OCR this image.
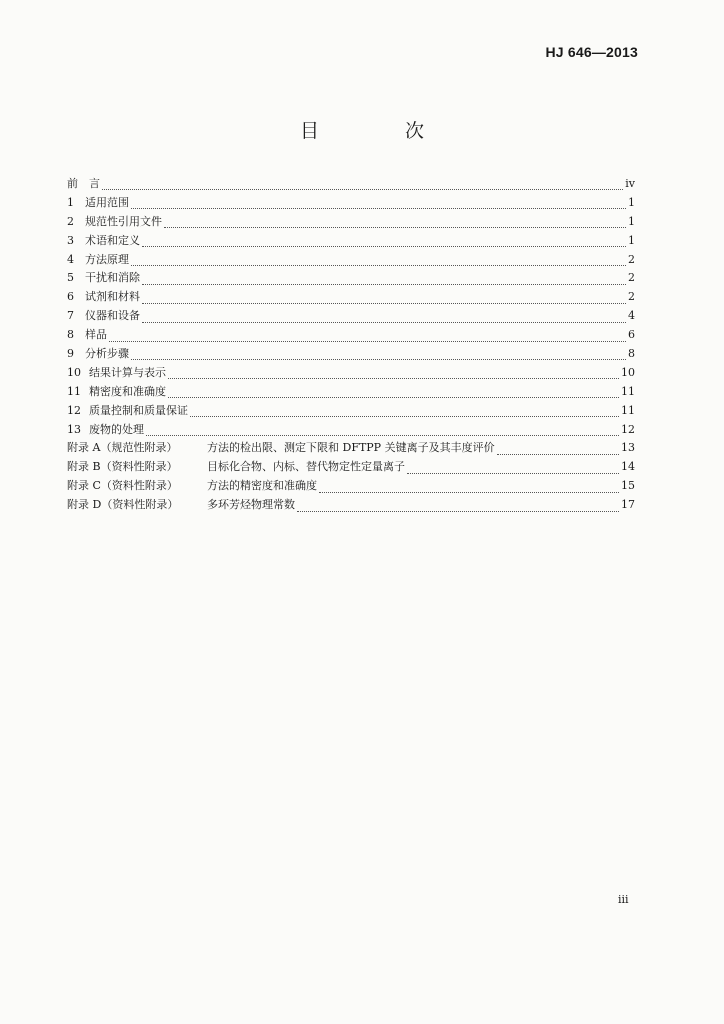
HJ 646—2013
目 次
前　言	iv
1	适用范围	1
2	规范性引用文件	1
3	术语和定义	1
4	方法原理	2
5	干扰和消除	2
6	试剂和材料	2
7	仪器和设备	4
8	样品	6
9	分析步骤	8
10 结果计算与表示	10
11 精密度和准确度	11
12 质量控制和质量保证	11
13 废物的处理	12
附录 A（规范性附录）	方法的检出限、测定下限和 DFTPP 关键离子及其丰度评价	13
附录 B（资料性附录）	目标化合物、内标、替代物定性定量离子	14
附录 C（资料性附录）	方法的精密度和准确度	15
附录 D（资料性附录）	多环芳烃物理常数	17
iii
